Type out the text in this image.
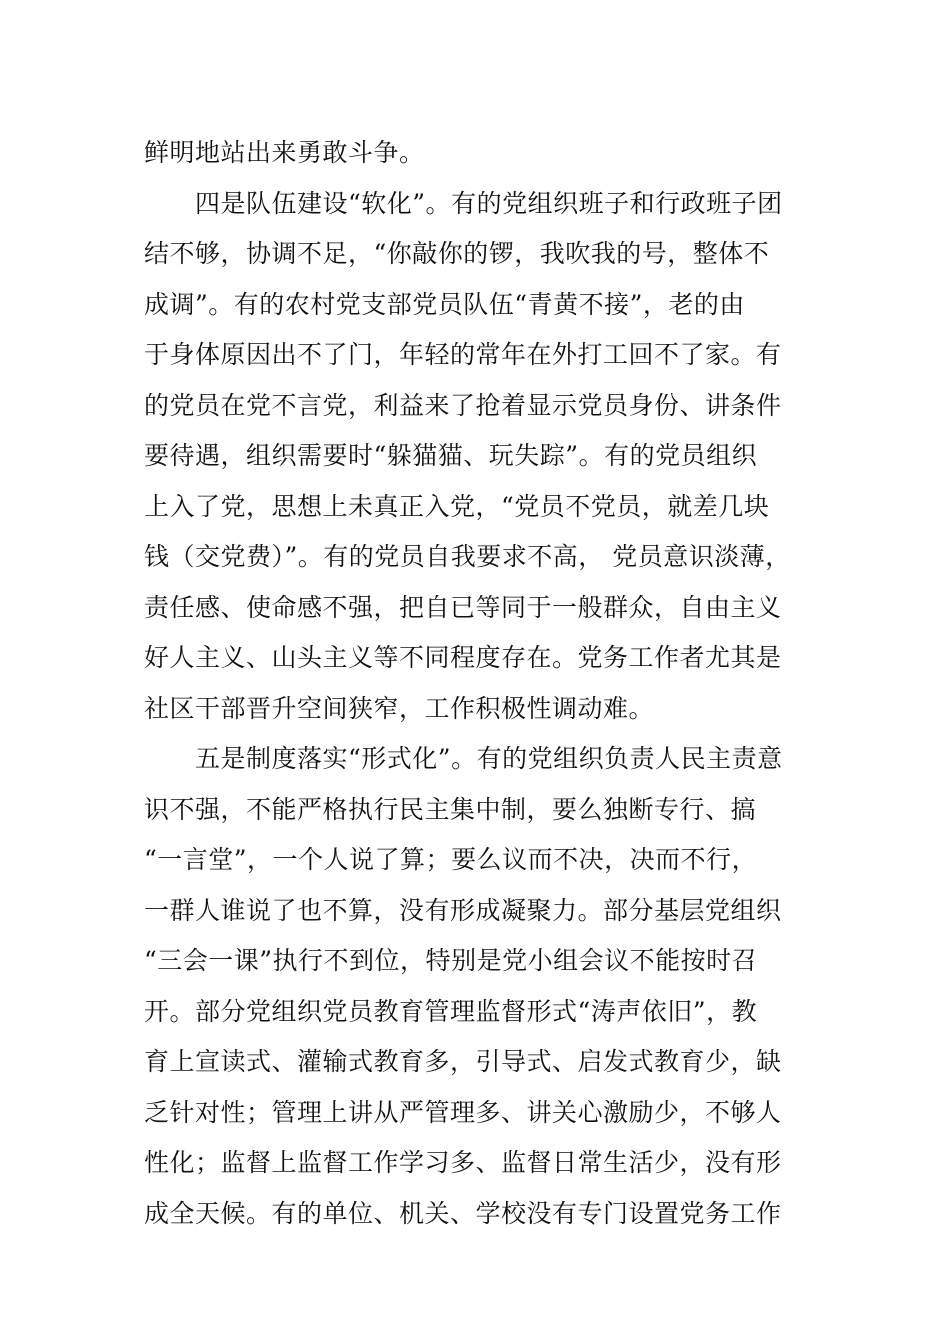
鲜明地站出来勇敢斗争。
　　四是队伍建设“软化”。有的党组织班子和行政班子团
结不够，协调不足，“你敲你的锣，我吹我的号，整体不
成调”。有的农村党支部党员队伍“青黄不接”，老的由
于身体原因出不了门，年轻的常年在外打工回不了家。有
的党员在党不言党，利益来了抢着显示党员身份、讲条件
要待遇，组织需要时“躲猫猫、玩失踪”。有的党员组织
上入了党，思想上未真正入党，“党员不党员，就差几块
钱（交党费）”。有的党员自我要求不高， 党员意识淡薄，
责任感、使命感不强，把自已等同于一般群众，自由主义
好人主义、山头主义等不同程度存在。党务工作者尤其是
社区干部晋升空间狭窄，工作积极性调动难。
　　五是制度落实“形式化”。有的党组织负责人民主责意
识不强，不能严格执行民主集中制，要么独断专行、搞
“一言堂”，一个人说了算；要么议而不决，决而不行，
一群人谁说了也不算，没有形成凝聚力。部分基层党组织
“三会一课”执行不到位，特别是党小组会议不能按时召
开。部分党组织党员教育管理监督形式“涛声依旧”，教
育上宣读式、灌输式教育多，引导式、启发式教育少，缺
乏针对性；管理上讲从严管理多、讲关心激励少，不够人
性化；监督上监督工作学习多、监督日常生活少，没有形
成全天候。有的单位、机关、学校没有专门设置党务工作
